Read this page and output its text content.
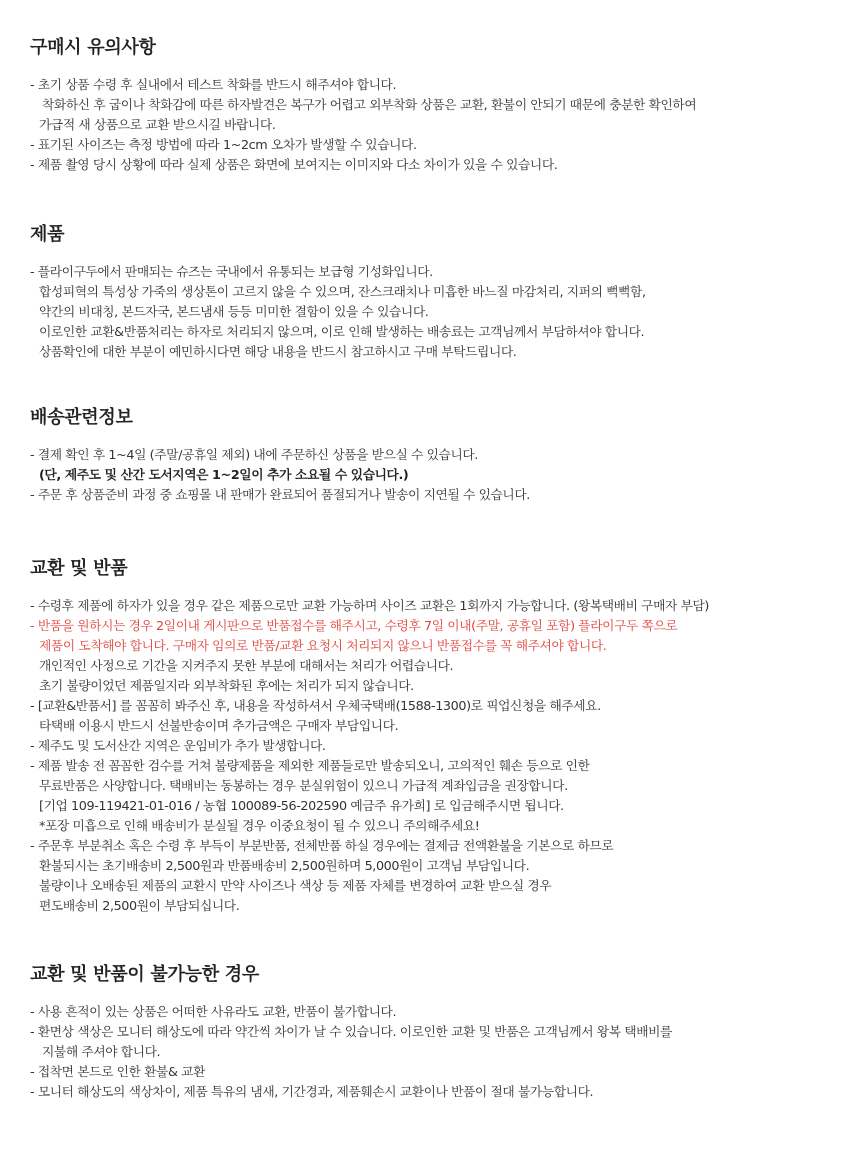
구매시 유의사항
- 초기 상품 수령 후 실내에서 테스트 착화를 반드시 해주셔야 합니다.
착화하신 후 굽이나 착화감에 따른 하자발견은 복구가 어렵고 외부착화 상품은 교환, 환불이 안되기 때문에 충분한 확인하여
가급적 새 상품으로 교환 받으시길 바랍니다.
- 표기된 사이즈는 측정 방법에 따라 1~2cm 오차가 발생할 수 있습니다.
- 제품 촬영 당시 상황에 따라 실제 상품은 화면에 보여지는 이미지와 다소 차이가 있을 수 있습니다.
제품
- 플라이구두에서 판매되는 슈즈는 국내에서 유통되는 보급형 기성화입니다.
합성피혁의 특성상 가죽의 생상톤이 고르지 않을 수 있으며, 잔스크래치나 미흡한 바느질 마감처리, 지퍼의 뻑뻑함,
약간의 비대칭, 본드자국, 본드냄새 등등 미미한 결함이 있을 수 있습니다.
이로인한 교환&반품처리는 하자로 처리되지 않으며, 이로 인해 발생하는 배송료는 고객님께서 부담하셔야 합니다.
상품확인에 대한 부분이 예민하시다면 해당 내용을 반드시 참고하시고 구매 부탁드립니다.
배송관련정보
- 결제 확인 후 1~4일 (주말/공휴일 제외) 내에 주문하신 상품을 받으실 수 있습니다.
(단, 제주도 및 산간 도서지역은 1~2일이 추가 소요될 수 있습니다.)
- 주문 후 상품준비 과정 중 쇼핑몰 내 판매가 완료되어 품절되거나 발송이 지연될 수 있습니다.
교환 및 반품
- 수령후 제품에 하자가 있을 경우 같은 제품으로만 교환 가능하며 사이즈 교환은 1회까지 가능합니다. (왕복택배비 구매자 부담)
- 반품을 원하시는 경우 2일이내 게시판으로 반품접수를 해주시고, 수령후 7일 이내(주말, 공휴일 포함) 플라이구두 쪽으로
제품이 도착해야 합니다. 구매자 임의로 반품/교환 요청시 처리되지 않으니 반품접수를 꼭 해주셔야 합니다.
개인적인 사정으로 기간을 지켜주지 못한 부분에 대해서는 처리가 어렵습니다.
초기 불량이었던 제품일지라 외부착화된 후에는 처리가 되지 않습니다.
- [교환&반품서] 를 꼼꼼히 봐주신 후, 내용을 작성하셔서 우체국택배(1588-1300)로 픽업신청을 해주세요.
타택배 이용시 반드시 선불반송이며 추가금액은 구매자 부담입니다.
- 제주도 및 도서산간 지역은 운임비가 추가 발생합니다.
- 제품 발송 전 꼼꼼한 검수를 거쳐 불량제품을 제외한 제품들로만 발송되오니, 고의적인 훼손 등으로 인한
무료반품은 사양합니다. 택배비는 동봉하는 경우 분실위험이 있으니 가급적 계좌입금을 권장합니다.
[기업 109-119421-01-016 / 농협 100089-56-202590 예금주 유가희] 로 입금해주시면 됩니다.
*포장 미흡으로 인해 배송비가 분실될 경우 이중요청이 될 수 있으니 주의해주세요!
- 주문후 부분취소 혹은 수령 후 부득이 부분반품, 전체반품 하실 경우에는 결제금 전액환불을 기본으로 하므로
환불되시는 초기배송비 2,500원과 반품배송비 2,500원하며 5,000원이 고객님 부담입니다.
불량이나 오배송된 제품의 교환시 만약 사이즈나 색상 등 제품 자체를 변경하여 교환 받으실 경우
편도배송비 2,500원이 부담되십니다.
교환 및 반품이 불가능한 경우
- 사용 흔적이 있는 상품은 어떠한 사유라도 교환, 반품이 불가합니다.
- 환면상 색상은 모니터 해상도에 따라 약간씩 차이가 날 수 있습니다. 이로인한 교환 및 반품은 고객님께서 왕복 택배비를
지불해 주셔야 합니다.
- 접착면 본드로 인한 환불& 교환
- 모니터 해상도의 색상차이, 제품 특유의 냄새, 기간경과, 제품훼손시 교환이나 반품이 절대 불가능합니다.
